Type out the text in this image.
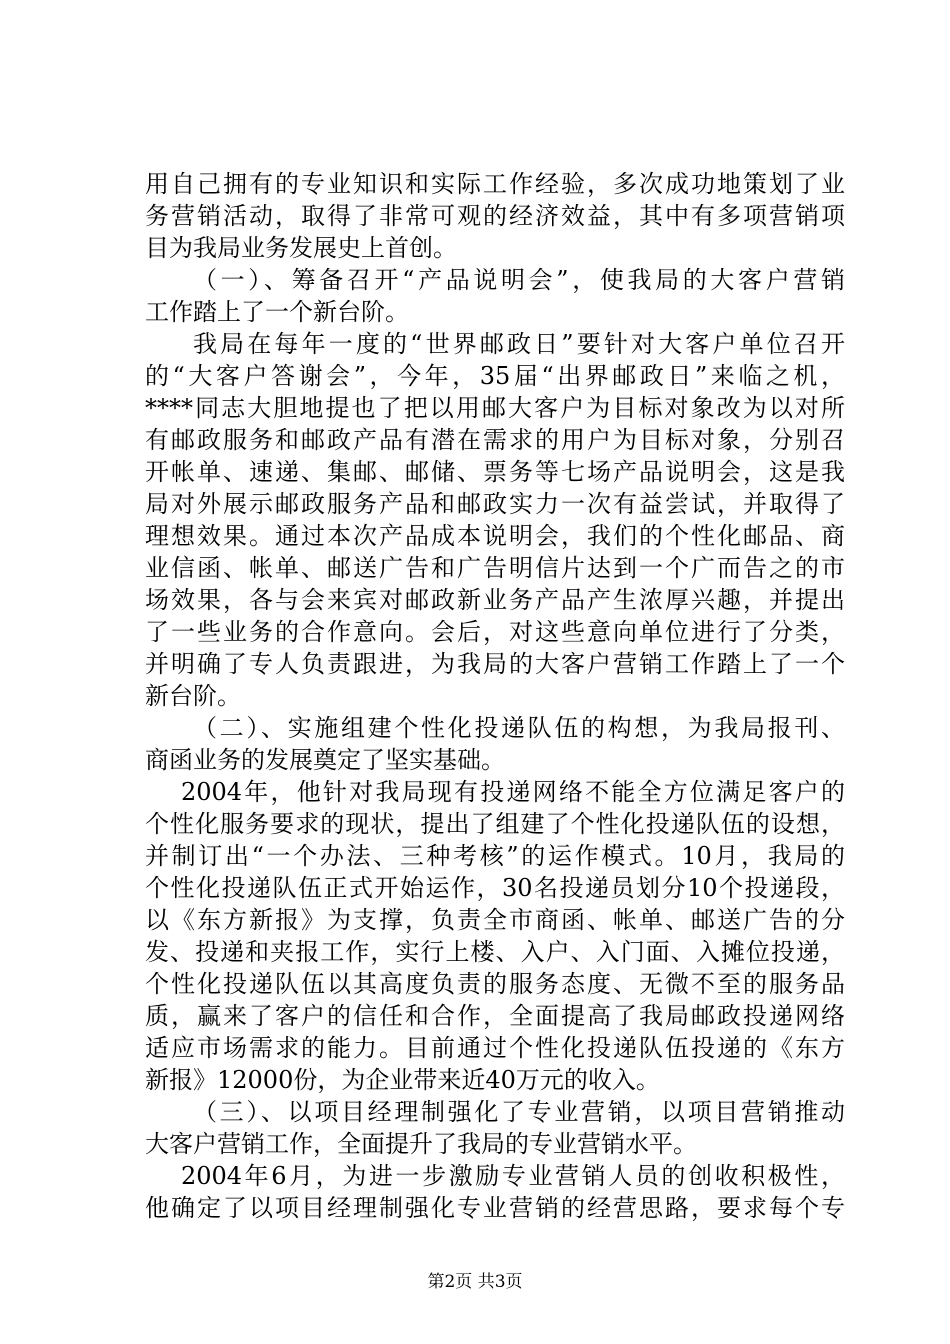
用自己拥有的专业知识和实际工作经验，多次成功地策划了业
务营销活动，取得了非常可观的经济效益，其中有多项营销项
目为我局业务发展史上首创。
（一）、筹备召开“产品说明会”，使我局的大客户营销
工作踏上了一个新台阶。
我局在每年一度的“世界邮政日”要针对大客户单位召开
的“大客户答谢会”，今年，35届“出界邮政日”来临之机，
****同志大胆地提也了把以用邮大客户为目标对象改为以对所
有邮政服务和邮政产品有潜在需求的用户为目标对象，分别召
开帐单、速递、集邮、邮储、票务等七场产品说明会，这是我
局对外展示邮政服务产品和邮政实力一次有益尝试，并取得了
理想效果。通过本次产品成本说明会，我们的个性化邮品、商
业信函、帐单、邮送广告和广告明信片达到一个广而告之的市
场效果，各与会来宾对邮政新业务产品产生浓厚兴趣，并提出
了一些业务的合作意向。会后，对这些意向单位进行了分类，
并明确了专人负责跟进，为我局的大客户营销工作踏上了一个
新台阶。
（二）、实施组建个性化投递队伍的构想，为我局报刊、
商函业务的发展奠定了坚实基础。
2004年，他针对我局现有投递网络不能全方位满足客户的
个性化服务要求的现状，提出了组建了个性化投递队伍的设想，
并制订出“一个办法、三种考核”的运作模式。10月，我局的
个性化投递队伍正式开始运作，30名投递员划分10个投递段，
以《东方新报》为支撑，负责全市商函、帐单、邮送广告的分
发、投递和夹报工作，实行上楼、入户、入门面、入摊位投递，
个性化投递队伍以其高度负责的服务态度、无微不至的服务品
质，赢来了客户的信任和合作，全面提高了我局邮政投递网络
适应市场需求的能力。目前通过个性化投递队伍投递的《东方
新报》12000份，为企业带来近40万元的收入。
（三）、以项目经理制强化了专业营销，以项目营销推动
大客户营销工作，全面提升了我局的专业营销水平。
2004年6月，为进一步激励专业营销人员的创收积极性，
他确定了以项目经理制强化专业营销的经营思路，要求每个专
第2页 共3页
